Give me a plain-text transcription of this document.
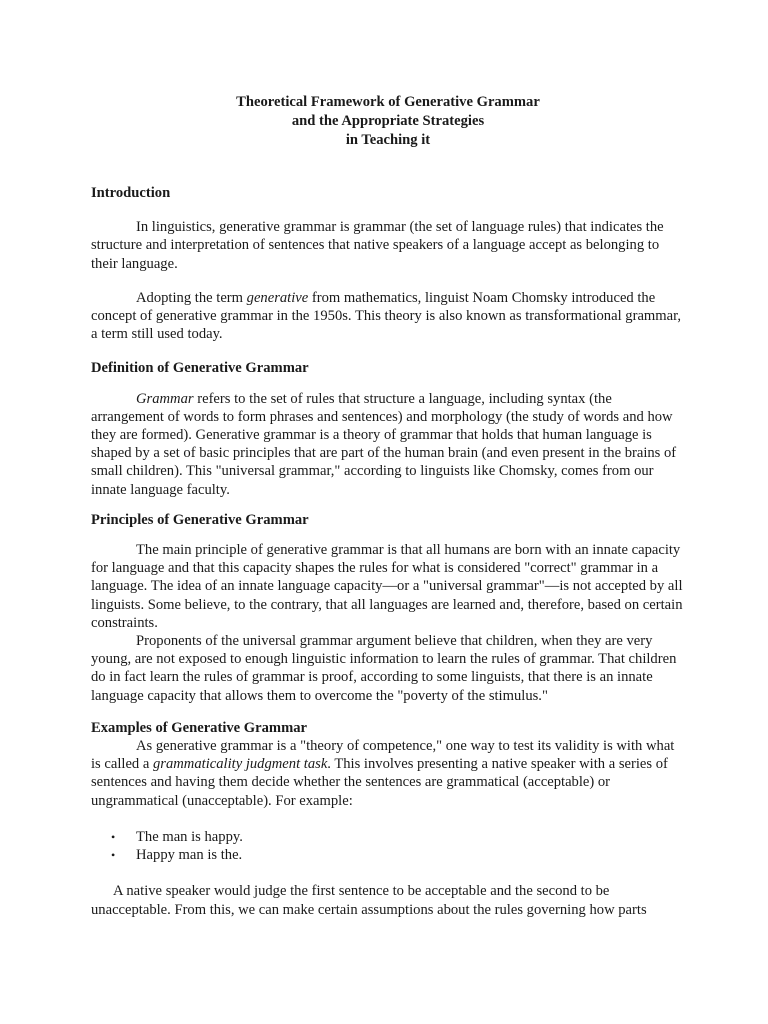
Theoretical Framework of Generative Grammar
and the Appropriate Strategies
in Teaching it

Introduction

In linguistics, generative grammar is grammar (the set of language rules) that indicates the structure and interpretation of sentences that native speakers of a language accept as belonging to their language.

Adopting the term generative from mathematics, linguist Noam Chomsky introduced the concept of generative grammar in the 1950s. This theory is also known as transformational grammar, a term still used today.

Definition of Generative Grammar

Grammar refers to the set of rules that structure a language, including syntax (the arrangement of words to form phrases and sentences) and morphology (the study of words and how they are formed). Generative grammar is a theory of grammar that holds that human language is shaped by a set of basic principles that are part of the human brain (and even present in the brains of small children). This "universal grammar," according to linguists like Chomsky, comes from our innate language faculty.

Principles of Generative Grammar

The main principle of generative grammar is that all humans are born with an innate capacity for language and that this capacity shapes the rules for what is considered "correct" grammar in a language. The idea of an innate language capacity—or a "universal grammar"—is not accepted by all linguists. Some believe, to the contrary, that all languages are learned and, therefore, based on certain constraints.

Proponents of the universal grammar argument believe that children, when they are very young, are not exposed to enough linguistic information to learn the rules of grammar. That children do in fact learn the rules of grammar is proof, according to some linguists, that there is an innate language capacity that allows them to overcome the "poverty of the stimulus."

Examples of Generative Grammar

As generative grammar is a "theory of competence," one way to test its validity is with what is called a grammaticality judgment task. This involves presenting a native speaker with a series of sentences and having them decide whether the sentences are grammatical (acceptable) or ungrammatical (unacceptable). For example:

• The man is happy.
• Happy man is the.

A native speaker would judge the first sentence to be acceptable and the second to be unacceptable. From this, we can make certain assumptions about the rules governing how parts
